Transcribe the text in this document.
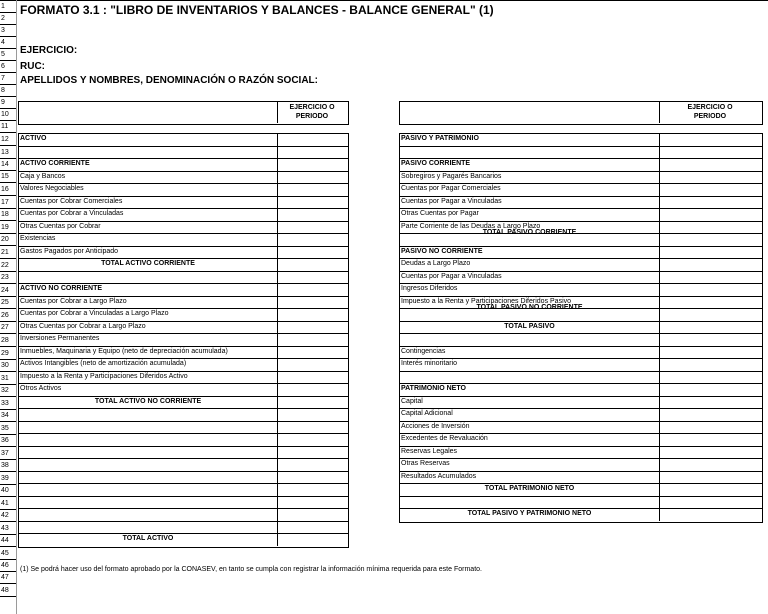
1
2
3
4
5
6
7
8
9
10
11
12
13
14
15
16
17
18
19
20
21
22
23
24
25
26
27
28
29
30
31
32
33
34
35
36
37
38
39
40
41
42
43
44
45
46
47
48
FORMATO 3.1 : "LIBRO DE INVENTARIOS Y BALANCES - BALANCE GENERAL" (1)
EJERCICIO:
RUC:
APELLIDOS Y NOMBRES, DENOMINACIÓN O RAZÓN SOCIAL:
EJERCICIO O
PERIODO
ACTIVO
ACTIVO CORRIENTE
Caja y Bancos
Valores Negociables
Cuentas por Cobrar Comerciales
Cuentas por Cobrar a Vinculadas
Otras Cuentas por Cobrar
Existencias
Gastos Pagados por Anticipado
TOTAL ACTIVO CORRIENTE
ACTIVO NO CORRIENTE
Cuentas por Cobrar a Largo Plazo
Cuentas por Cobrar a Vinculadas a Largo Plazo
Otras Cuentas por Cobrar a Largo Plazo
Inversiones Permanentes
Inmuebles, Maquinaria y Equipo (neto de depreciación acumulada)
Activos Intangibles (neto de amortización acumulada)
Impuesto a la Renta y Participaciones Diferidos Activo
Otros Activos
TOTAL ACTIVO NO CORRIENTE
TOTAL ACTIVO
EJERCICIO O
PERIODO
PASIVO Y PATRIMONIO
PASIVO CORRIENTE
Sobregiros y Pagarés Bancarios
Cuentas por Pagar Comerciales
Cuentas por Pagar a Vinculadas
Otras Cuentas por Pagar
Parte Corriente de las Deudas a Largo Plazo
TOTAL PASIVO CORRIENTE
PASIVO NO CORRIENTE
Deudas a Largo Plazo
Cuentas por Pagar a Vinculadas
Ingresos Diferidos
Impuesto a la Renta y Participaciones Diferidos Pasivo
TOTAL PASIVO NO CORRIENTE
TOTAL PASIVO
Contingencias
Interés minoritario
PATRIMONIO NETO
Capital
Capital Adicional
Acciones de Inversión
Excedentes de Revaluación
Reservas Legales
Otras Reservas
Resultados Acumulados
TOTAL PATRIMONIO NETO
TOTAL PASIVO Y PATRIMONIO NETO
(1) Se podrá hacer uso del formato aprobado por la CONASEV, en tanto se cumpla con registrar la información mínima requerida para este Formato.
